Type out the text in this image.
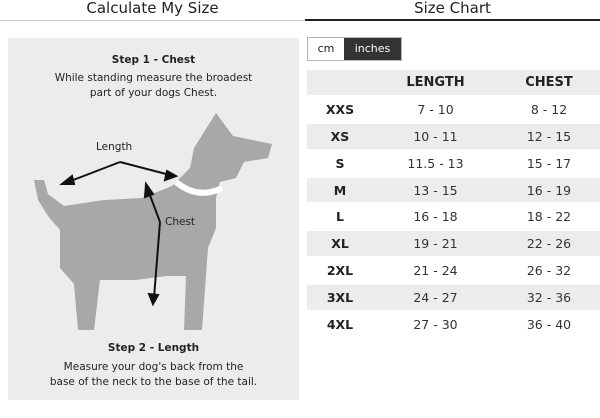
Calculate My Size	Size Chart
Step 1 - Chest
While standing measure the broadest
part of your dogs Chest.
Length
Chest
Step 2 - Length
Measure your dog's back from the
base of the neck to the base of the tail.
cm	inches
	LENGTH	CHEST
XXS	7 - 10	8 - 12
XS	10 - 11	12 - 15
S	11.5 - 13	15 - 17
M	13 - 15	16 - 19
L	16 - 18	18 - 22
XL	19 - 21	22 - 26
2XL	21 - 24	26 - 32
3XL	24 - 27	32 - 36
4XL	27 - 30	36 - 40
